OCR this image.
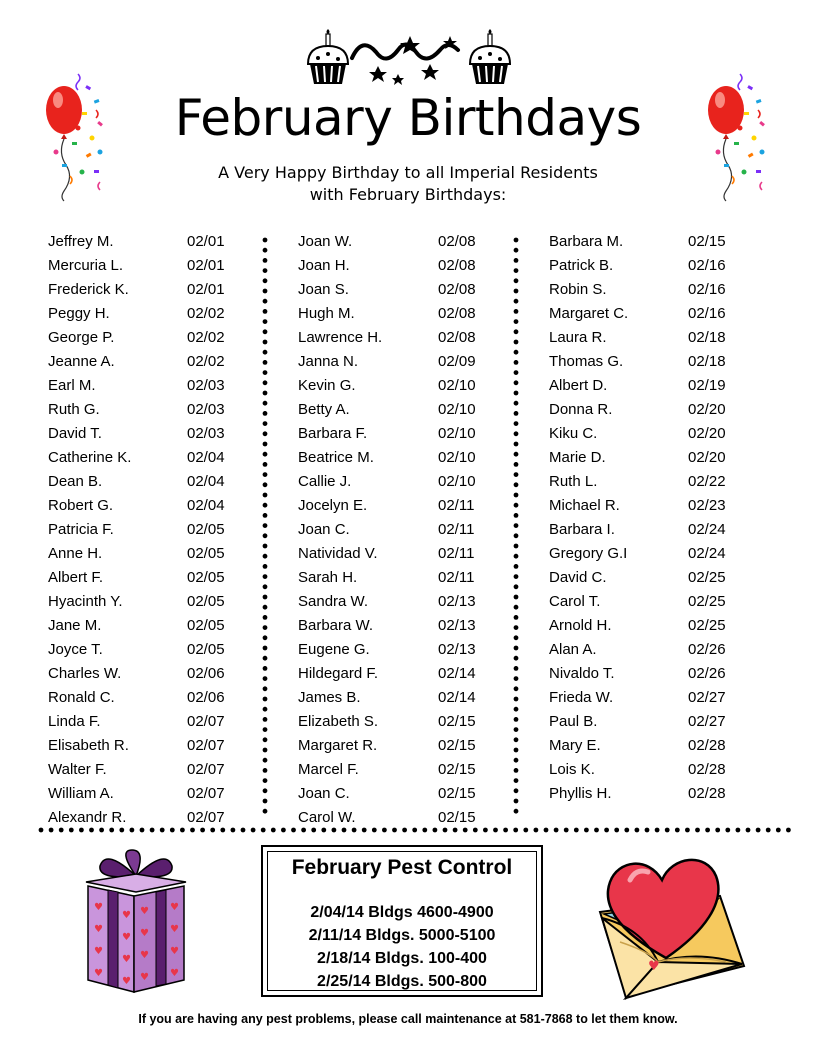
February Birthdays
A Very Happy Birthday to all Imperial Residents
with February Birthdays:
Jeffrey M.	02/01
Mercuria L.	02/01
Frederick K.	02/01
Peggy H.	02/02
George P.	02/02
Jeanne A.	02/02
Earl M.	02/03
Ruth G.	02/03
David T.	02/03
Catherine K.	02/04
Dean B.	02/04
Robert G.	02/04
Patricia F.	02/05
Anne H.	02/05
Albert F.	02/05
Hyacinth Y.	02/05
Jane M.	02/05
Joyce T.	02/05
Charles W.	02/06
Ronald C.	02/06
Linda F.	02/07
Elisabeth R.	02/07
Walter F.	02/07
William A.	02/07
Alexandr R.	02/07
Joan W.	02/08
Joan H.	02/08
Joan S.	02/08
Hugh M.	02/08
Lawrence H.	02/08
Janna N.	02/09
Kevin G.	02/10
Betty A.	02/10
Barbara F.	02/10
Beatrice M.	02/10
Callie J.	02/10
Jocelyn E.	02/11
Joan C.	02/11
Natividad V.	02/11
Sarah H.	02/11
Sandra W.	02/13
Barbara W.	02/13
Eugene G.	02/13
Hildegard F.	02/14
James B.	02/14
Elizabeth S.	02/15
Margaret R.	02/15
Marcel F.	02/15
Joan C.	02/15
Carol W.	02/15
Barbara M.	02/15
Patrick B.	02/16
Robin S.	02/16
Margaret C.	02/16
Laura R.	02/18
Thomas G.	02/18
Albert D.	02/19
Donna R.	02/20
Kiku C.	02/20
Marie D.	02/20
Ruth L.	02/22
Michael R.	02/23
Barbara I.	02/24
Gregory G.I	02/24
David C.	02/25
Carol T.	02/25
Arnold H.	02/25
Alan A.	02/26
Nivaldo T.	02/26
Frieda W.	02/27
Paul B.	02/27
Mary E.	02/28
Lois K.	02/28
Phyllis H.	02/28
♥
♥
♥
♥
♥
♥
♥
♥
♥
♥
♥
♥
♥
♥
♥
♥
February Pest Control
2/04/14 Bldgs 4600-4900
2/11/14 Bldgs. 5000-5100
2/18/14 Bldgs. 100-400
2/25/14 Bldgs. 500-800
♥
If you are having any pest problems, please call maintenance at 581-7868 to let them know.
